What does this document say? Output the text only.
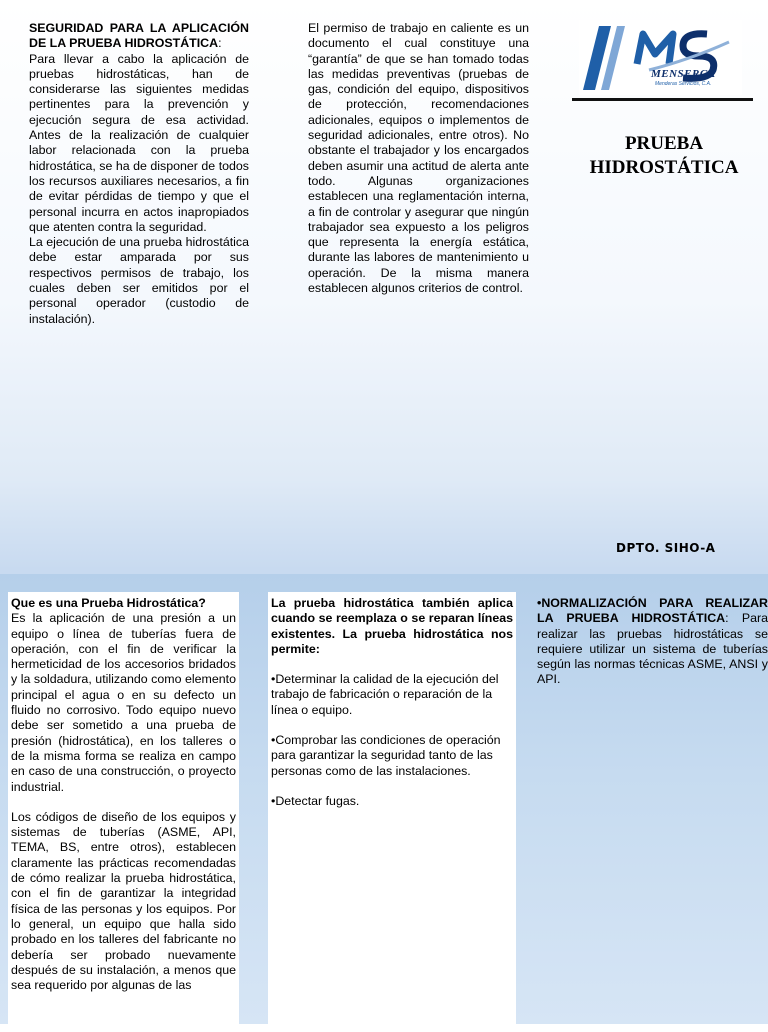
SEGURIDAD PARA LA APLICACIÓN DE LA PRUEBA HIDROSTÁTICA:

Para llevar a cabo la aplicación de pruebas hidrostáticas, han de considerarse las siguientes medidas pertinentes para la prevención y ejecución segura de esa actividad. Antes de la realización de cualquier labor relacionada con la prueba hidrostática, se ha de disponer de todos los recursos auxiliares necesarios, a fin de evitar pérdidas de tiempo y que el personal incurra en actos inapropiados que atenten contra la seguridad.

La ejecución de una prueba hidrostática debe estar amparada por sus respectivos permisos de trabajo, los cuales deben ser emitidos por el personal operador (custodio de instalación).

El permiso de trabajo en caliente es un documento el cual constituye una “garantía” de que se han tomado todas las medidas preventivas (pruebas de gas, condición del equipo, dispositivos de protección, recomendaciones adicionales, equipos o implementos de seguridad adicionales, entre otros). No obstante el trabajador y los encargados deben asumir una actitud de alerta ante todo. Algunas organizaciones establecen una reglamentación interna, a fin de controlar y asegurar que ningún trabajador sea expuesto a los peligros que representa la energía estática, durante las labores de mantenimiento u operación. De la misma manera establecen algunos criterios de control.

MENSERCA
Menderas Servicios, C.A.
PRUEBA HIDROSTÁTICA
DPTO. SIHO-A

Que es una Prueba Hidrostática?

Es la aplicación de una presión a un equipo o línea de tuberías fuera de operación, con el fin de verificar la hermeticidad de los accesorios bridados y la soldadura, utilizando como elemento principal el agua o en su defecto un fluido no corrosivo. Todo equipo nuevo debe ser sometido a una prueba de presión (hidrostática), en los talleres o de la misma forma se realiza en campo en caso de una construcción, o proyecto industrial.

Los códigos de diseño de los equipos y sistemas de tuberías (ASME, API, TEMA, BS, entre otros), establecen claramente las prácticas recomendadas de cómo realizar la prueba hidrostática, con el fin de garantizar la integridad física de las personas y los equipos. Por lo general, un equipo que halla sido probado en los talleres del fabricante no debería ser probado nuevamente después de su instalación, a menos que sea requerido por algunas de las

La prueba hidrostática también aplica cuando se reemplaza o se reparan líneas existentes. La prueba hidrostática nos permite:

•Determinar la calidad de la ejecución del trabajo de fabricación o reparación de la línea o equipo.

•Comprobar las condiciones de operación para garantizar la seguridad tanto de las personas como de las instalaciones.

•Detectar fugas.

•NORMALIZACIÓN PARA REALIZAR LA PRUEBA HIDROSTÁTICA: Para realizar las pruebas hidrostáticas se requiere utilizar un sistema de tuberías según las normas técnicas ASME, ANSI y API.
